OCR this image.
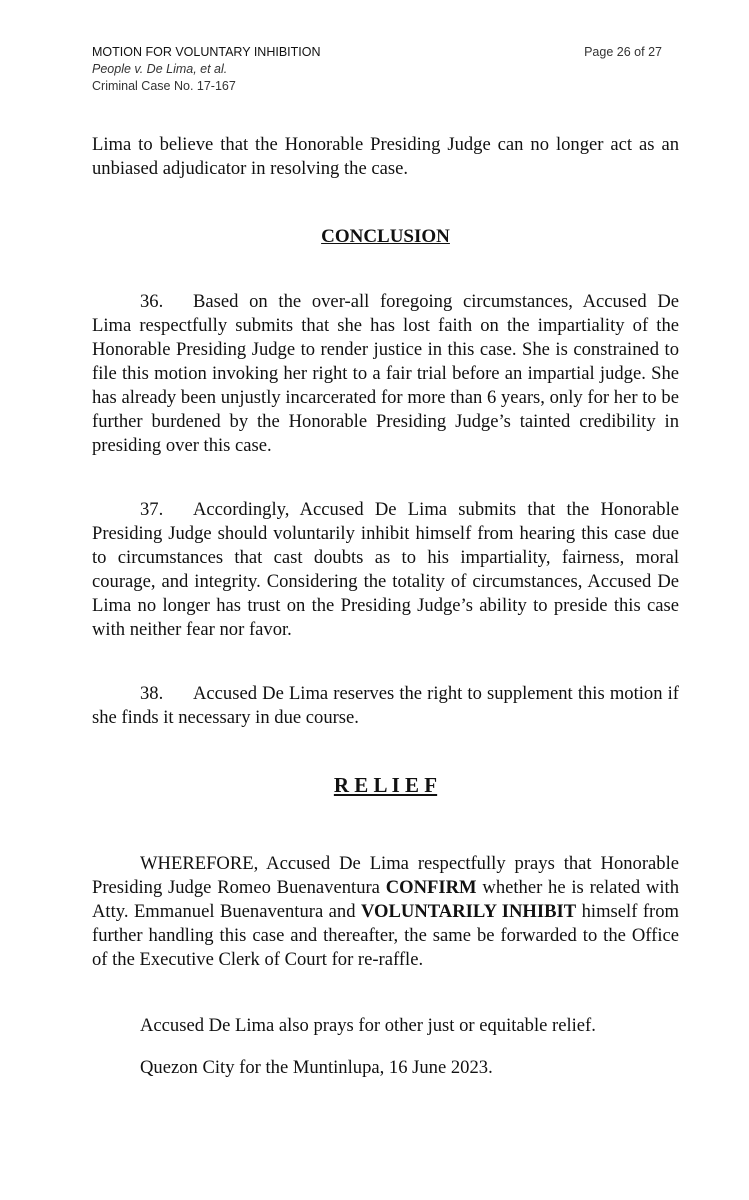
MOTION FOR VOLUNTARY INHIBITION
People v. De Lima, et al.
Criminal Case No. 17-167
Page 26 of 27
Lima to believe that the Honorable Presiding Judge can no longer act as an unbiased adjudicator in resolving the case.
CONCLUSION
36. Based on the over-all foregoing circumstances, Accused De Lima respectfully submits that she has lost faith on the impartiality of the Honorable Presiding Judge to render justice in this case. She is constrained to file this motion invoking her right to a fair trial before an impartial judge. She has already been unjustly incarcerated for more than 6 years, only for her to be further burdened by the Honorable Presiding Judge’s tainted credibility in presiding over this case.
37. Accordingly, Accused De Lima submits that the Honorable Presiding Judge should voluntarily inhibit himself from hearing this case due to circumstances that cast doubts as to his impartiality, fairness, moral courage, and integrity. Considering the totality of circumstances, Accused De Lima no longer has trust on the Presiding Judge’s ability to preside this case with neither fear nor favor.
38. Accused De Lima reserves the right to supplement this motion if she finds it necessary in due course.
R E L I E F
WHEREFORE, Accused De Lima respectfully prays that Honorable Presiding Judge Romeo Buenaventura CONFIRM whether he is related with Atty. Emmanuel Buenaventura and VOLUNTARILY INHIBIT himself from further handling this case and thereafter, the same be forwarded to the Office of the Executive Clerk of Court for re-raffle.
Accused De Lima also prays for other just or equitable relief.
Quezon City for the Muntinlupa, 16 June 2023.
